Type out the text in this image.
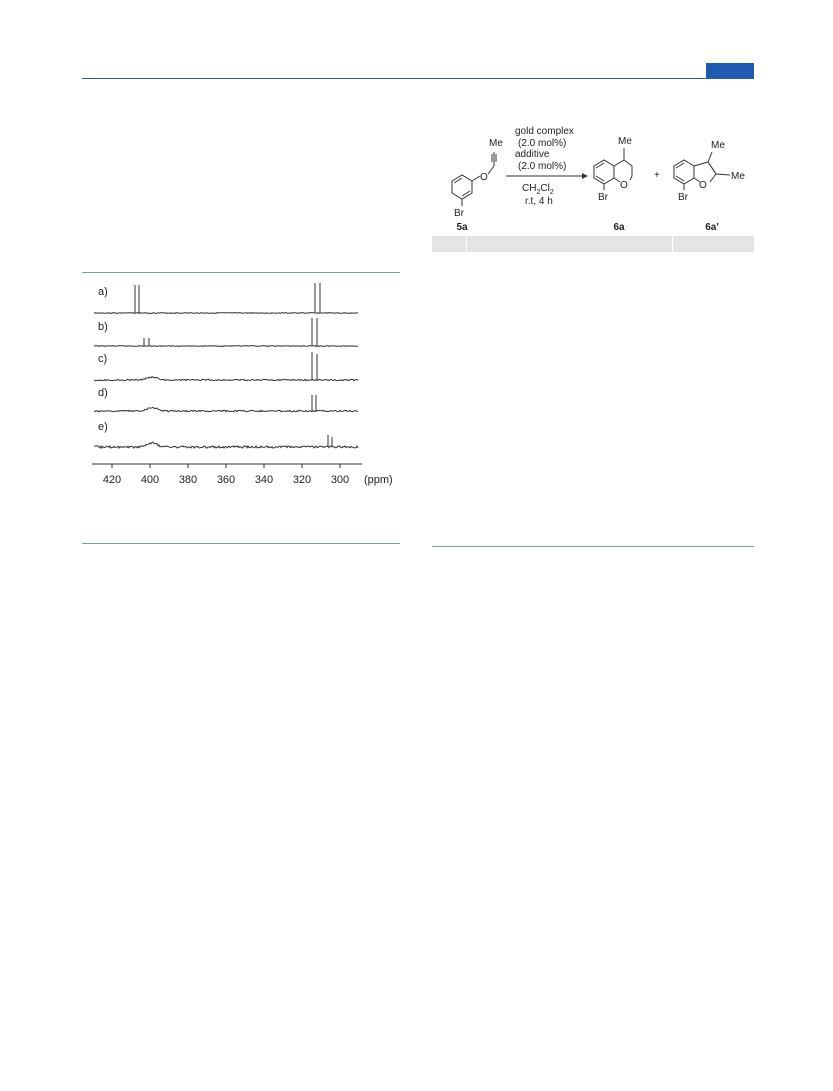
a)
b)
c)
d)
e)
420 400 380 360 340 320 300 (ppm)
Me
O
Br
5a
gold complex
(2.0 mol%)
additive
(2.0 mol%)
$CH_2Cl_2$
r.t, 4 h
Me
O
Br
6a
+
Me
Me
O
Br
6a'
